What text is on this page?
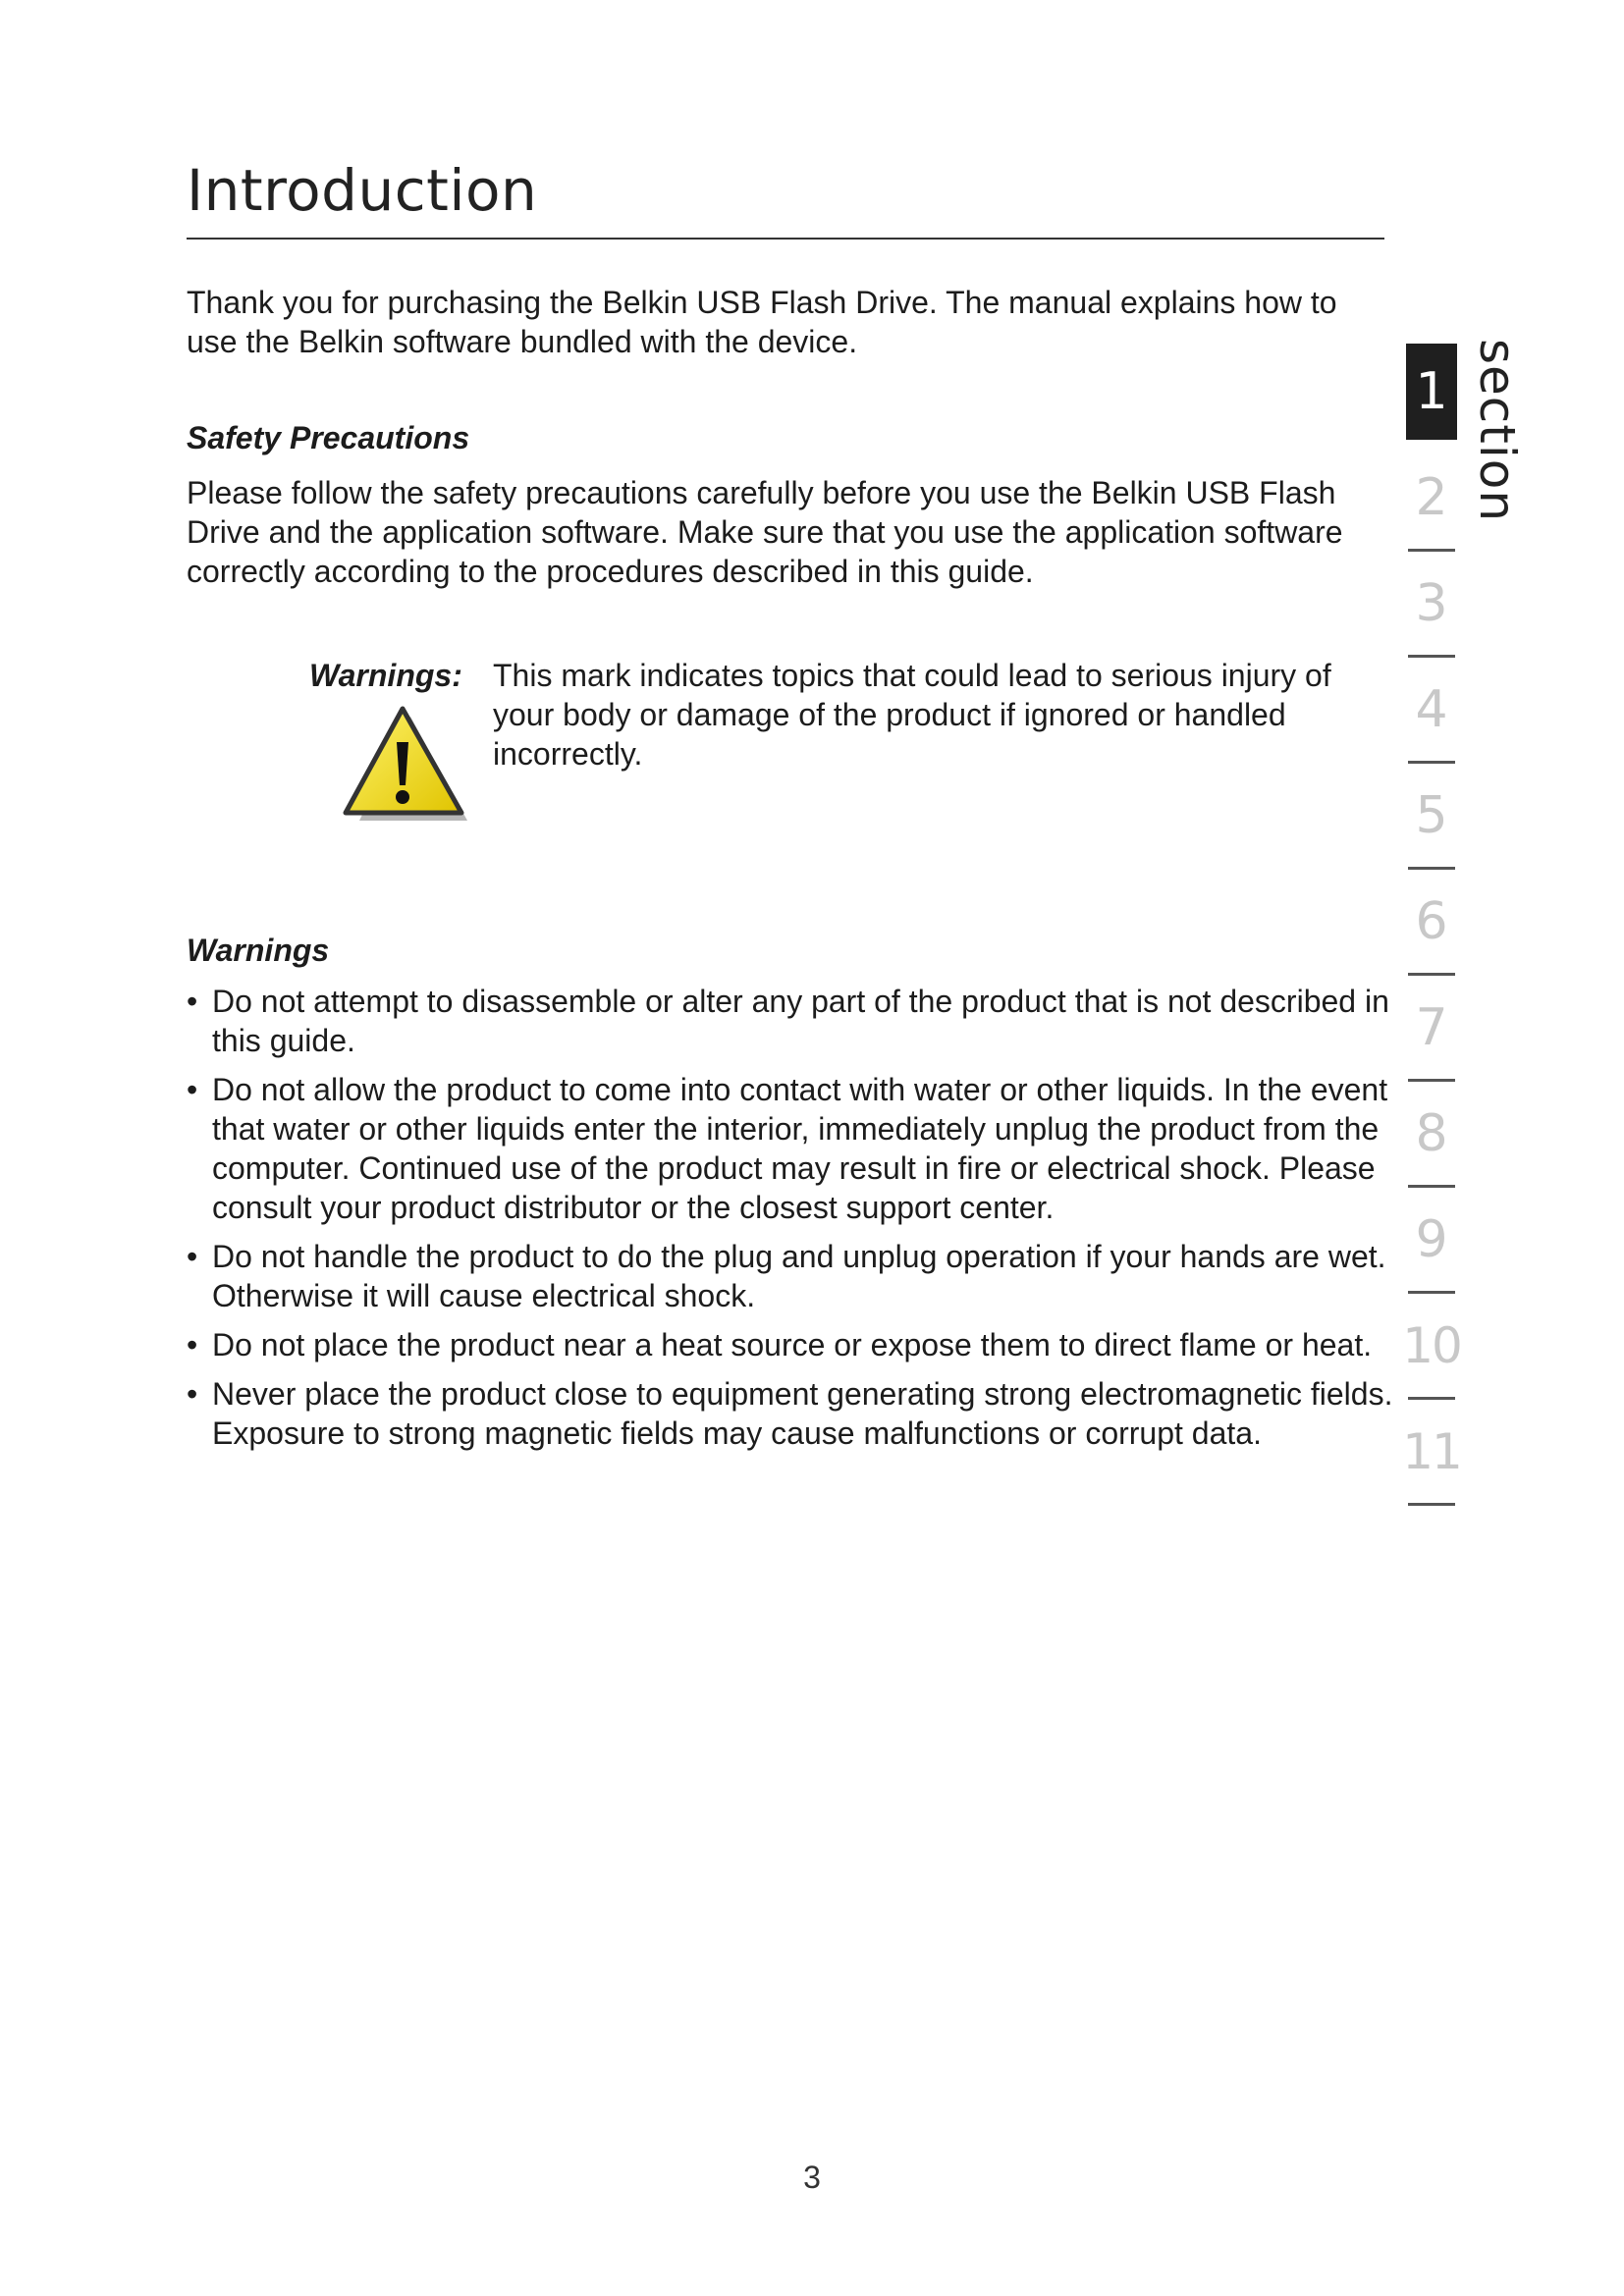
Introduction

Thank you for purchasing the Belkin USB Flash Drive. The manual explains how to use the Belkin software bundled with the device.

Safety Precautions

Please follow the safety precautions carefully before you use the Belkin USB Flash Drive and the application software. Make sure that you use the application software correctly according to the procedures described in this guide.

Warnings: This mark indicates topics that could lead to serious injury of your body or damage of the product if ignored or handled incorrectly.

Warnings
• Do not attempt to disassemble or alter any part of the product that is not described in this guide.
• Do not allow the product to come into contact with water or other liquids. In the event that water or other liquids enter the interior, immediately unplug the product from the computer. Continued use of the product may result in fire or electrical shock. Please consult your product distributor or the closest support center.
• Do not handle the product to do the plug and unplug operation if your hands are wet. Otherwise it will cause electrical shock.
• Do not place the product near a heat source or expose them to direct flame or heat.
• Never place the product close to equipment generating strong electromagnetic fields. Exposure to strong magnetic fields may cause malfunctions or corrupt data.
3
section
1
2
3
4
5
6
7
8
9
10
11
